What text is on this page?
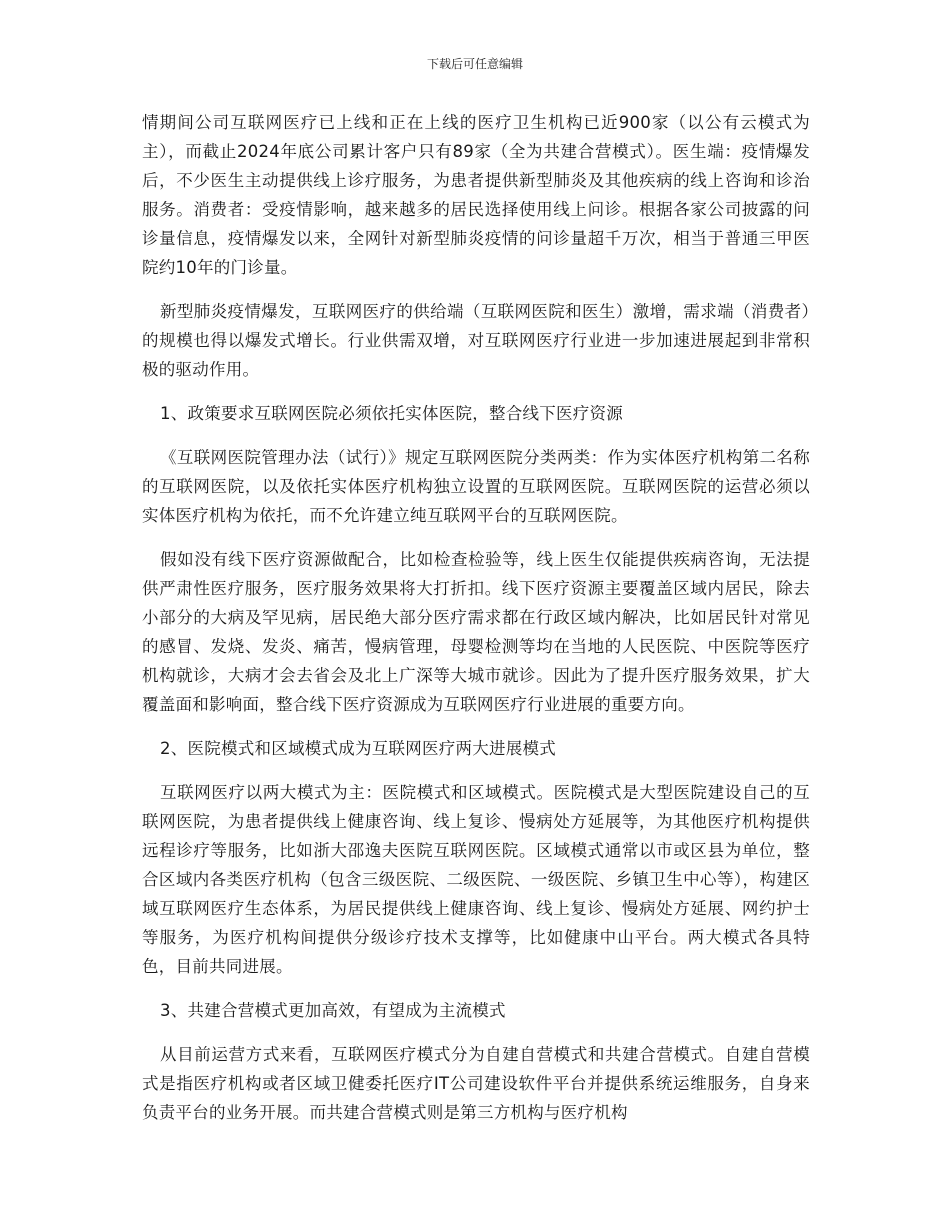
下载后可任意编辑

情期间公司互联网医疗已上线和正在上线的医疗卫生机构已近900家（以公有云模式为主），而截止2024年底公司累计客户只有89家（全为共建合营模式）。医生端：疫情爆发后，不少医生主动提供线上诊疗服务，为患者提供新型肺炎及其他疾病的线上咨询和诊治服务。消费者：受疫情影响，越来越多的居民选择使用线上问诊。根据各家公司披露的问诊量信息，疫情爆发以来，全网针对新型肺炎疫情的问诊量超千万次，相当于普通三甲医院约10年的门诊量。

新型肺炎疫情爆发，互联网医疗的供给端（互联网医院和医生）激增，需求端（消费者）的规模也得以爆发式增长。行业供需双增，对互联网医疗行业进一步加速进展起到非常积极的驱动作用。

1、政策要求互联网医院必须依托实体医院，整合线下医疗资源

《互联网医院管理办法（试行）》规定互联网医院分类两类：作为实体医疗机构第二名称的互联网医院，以及依托实体医疗机构独立设置的互联网医院。互联网医院的运营必须以实体医疗机构为依托，而不允许建立纯互联网平台的互联网医院。

假如没有线下医疗资源做配合，比如检查检验等，线上医生仅能提供疾病咨询，无法提供严肃性医疗服务，医疗服务效果将大打折扣。线下医疗资源主要覆盖区域内居民，除去小部分的大病及罕见病，居民绝大部分医疗需求都在行政区域内解决，比如居民针对常见的感冒、发烧、发炎、痛苦，慢病管理，母婴检测等均在当地的人民医院、中医院等医疗机构就诊，大病才会去省会及北上广深等大城市就诊。因此为了提升医疗服务效果，扩大覆盖面和影响面，整合线下医疗资源成为互联网医疗行业进展的重要方向。

2、医院模式和区域模式成为互联网医疗两大进展模式

互联网医疗以两大模式为主：医院模式和区域模式。医院模式是大型医院建设自己的互联网医院，为患者提供线上健康咨询、线上复诊、慢病处方延展等，为其他医疗机构提供远程诊疗等服务，比如浙大邵逸夫医院互联网医院。区域模式通常以市或区县为单位，整合区域内各类医疗机构（包含三级医院、二级医院、一级医院、乡镇卫生中心等），构建区域互联网医疗生态体系，为居民提供线上健康咨询、线上复诊、慢病处方延展、网约护士等服务，为医疗机构间提供分级诊疗技术支撑等，比如健康中山平台。两大模式各具特色，目前共同进展。

3、共建合营模式更加高效，有望成为主流模式

从目前运营方式来看，互联网医疗模式分为自建自营模式和共建合营模式。自建自营模式是指医疗机构或者区域卫健委托医疗IT公司建设软件平台并提供系统运维服务，自身来负责平台的业务开展。而共建合营模式则是第三方机构与医疗机构
